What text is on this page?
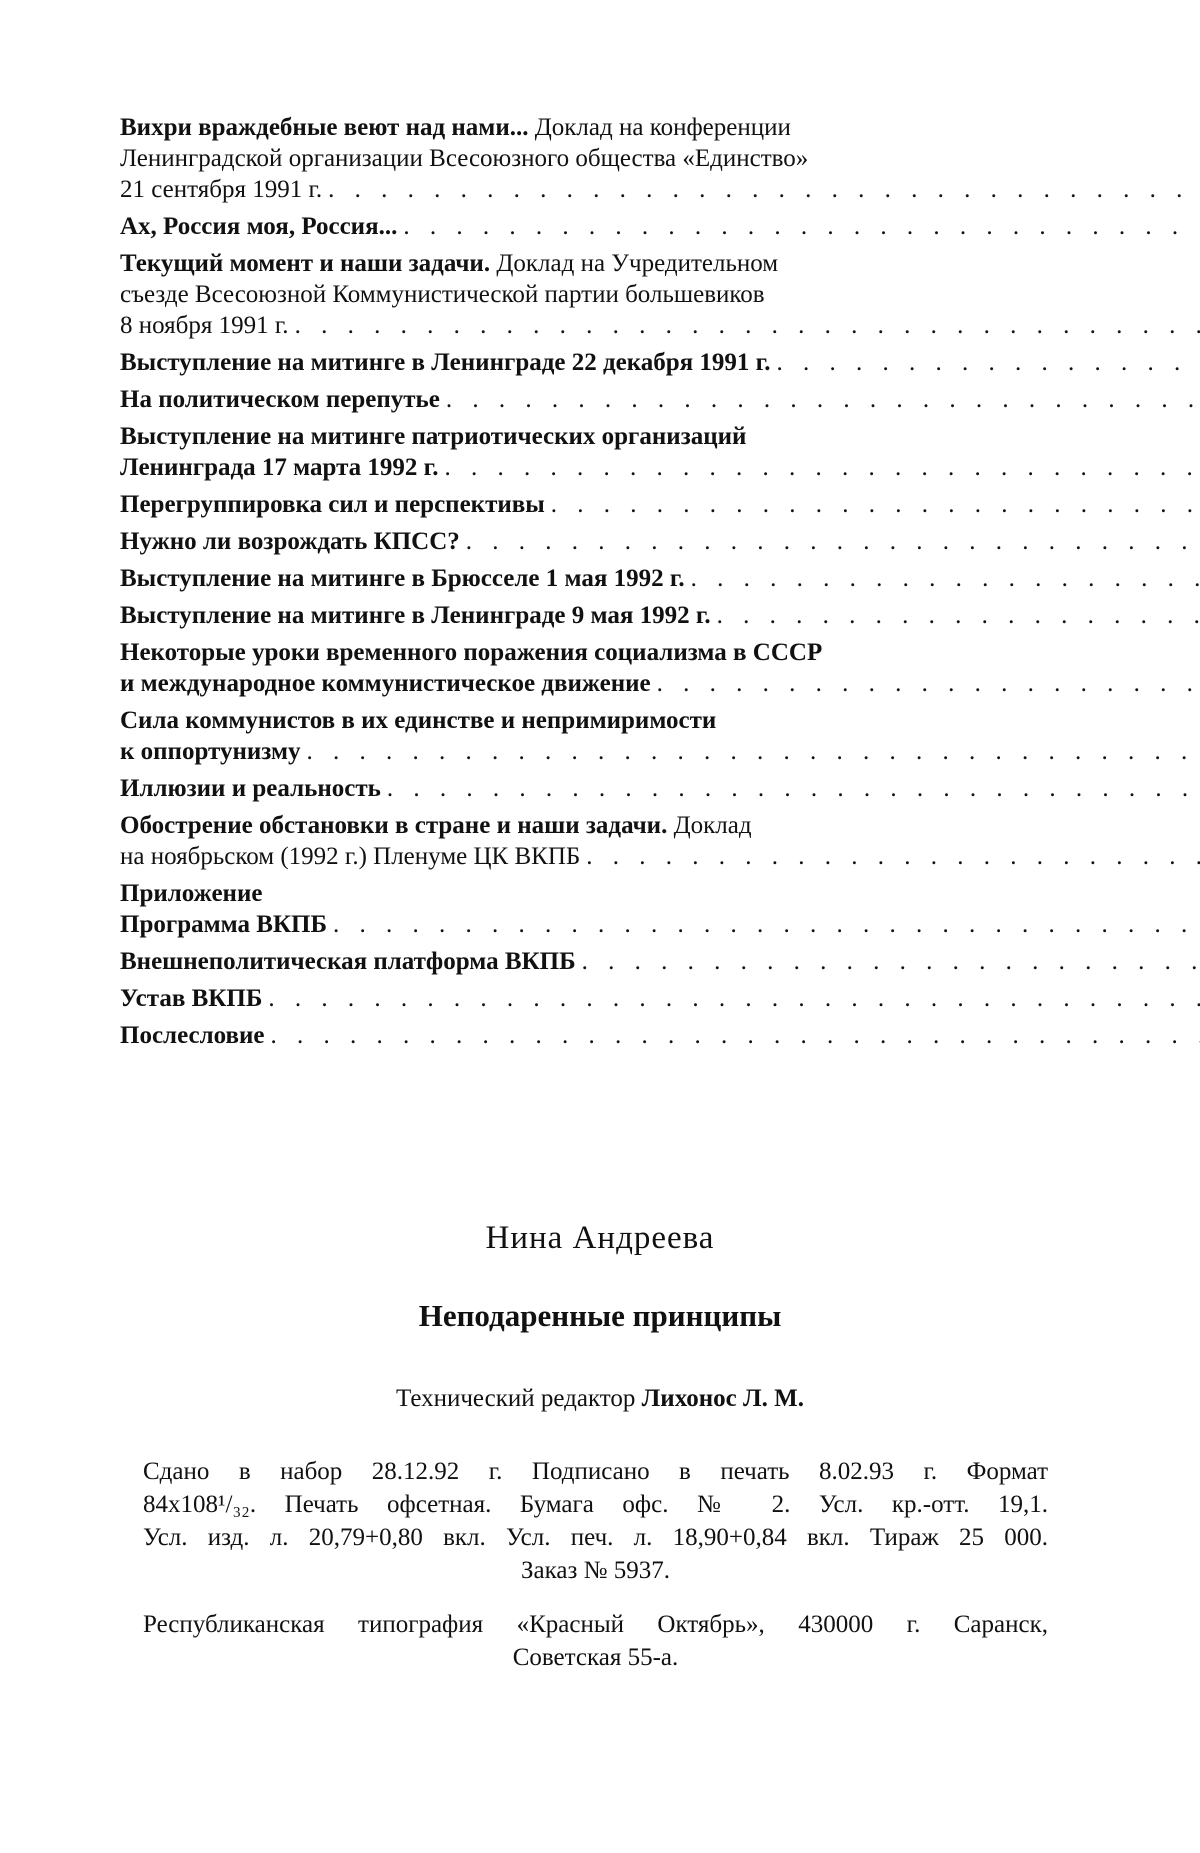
Вихри враждебные веют над нами... Доклад на конференции
Ленинградской организации Всесоюзного общества «Единство»
21 сентября 1991 г.
. . .
Ах, Россия моя, Россия...
. . .
Текущий момент и наши задачи. Доклад на Учредительном
съезде Всесоюзной Коммунистической партии большевиков
8 ноября 1991 г.
. . .
Выступление на митинге в Ленинграде 22 декабря 1991 г.
. . .
На политическом перепутье
. . .
Выступление на митинге патриотических организаций
Ленинграда 17 марта 1992 г.
. . .
Перегруппировка сил и перспективы
. . .
Нужно ли возрождать КПСС?
. . .
Выступление на митинге в Брюсселе 1 мая 1992 г.
. . .
Выступление на митинге в Ленинграде 9 мая 1992 г.
. . .
Некоторые уроки временного поражения социализма в СССР
и международное коммунистическое движение
. . .
Сила коммунистов в их единстве и непримиримости
к оппортунизму
. . .
Иллюзии и реальность
. . .
Обострение обстановки в стране и наши задачи. Доклад
на ноябрьском (1992 г.) Пленуме ЦК ВКПБ
. . .
Приложение
Программа ВКПБ
. . .
Внешнеполитическая платформа ВКПБ
. . .
Устав ВКПБ
. . .
Послесловие
. . .
Нина Андреева
Неподаренные принципы
Технический редактор Лихонос Л. М.
Сдано в набор 28.12.92 г. Подписано в печать 8.02.93 г. Формат
84x108¹/₃₂. Печать офсетная. Бумага офс. № 2. Усл. кр.-отт. 19,1.
Усл. изд. л. 20,79+0,80 вкл. Усл. печ. л. 18,90+0,84 вкл. Тираж 25 000.
Заказ № 5937.
Республиканская типография «Красный Октябрь», 430000 г. Саранск,
Советская 55-а.
